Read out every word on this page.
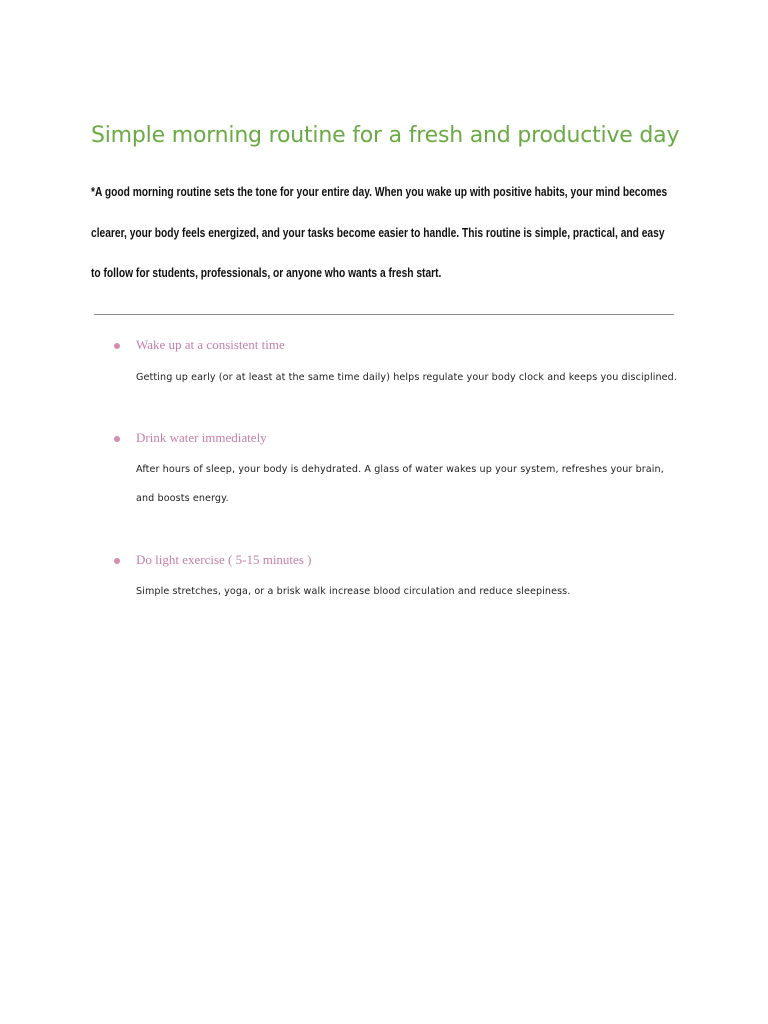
Simple morning routine for a fresh and productive day

*A good morning routine sets the tone for your entire day. When you wake up with positive habits, your mind becomes clearer, your body feels energized, and your tasks become easier to handle. This routine is simple, practical, and easy to follow for students, professionals, or anyone who wants a fresh start.

Wake up at a consistent time

Getting up early (or at least at the same time daily) helps regulate your body clock and keeps you disciplined.

Drink water immediately

After hours of sleep, your body is dehydrated. A glass of water wakes up your system, refreshes your brain, and boosts energy.

Do light exercise ( 5-15 minutes )

Simple stretches, yoga, or a brisk walk increase blood circulation and reduce sleepiness.
